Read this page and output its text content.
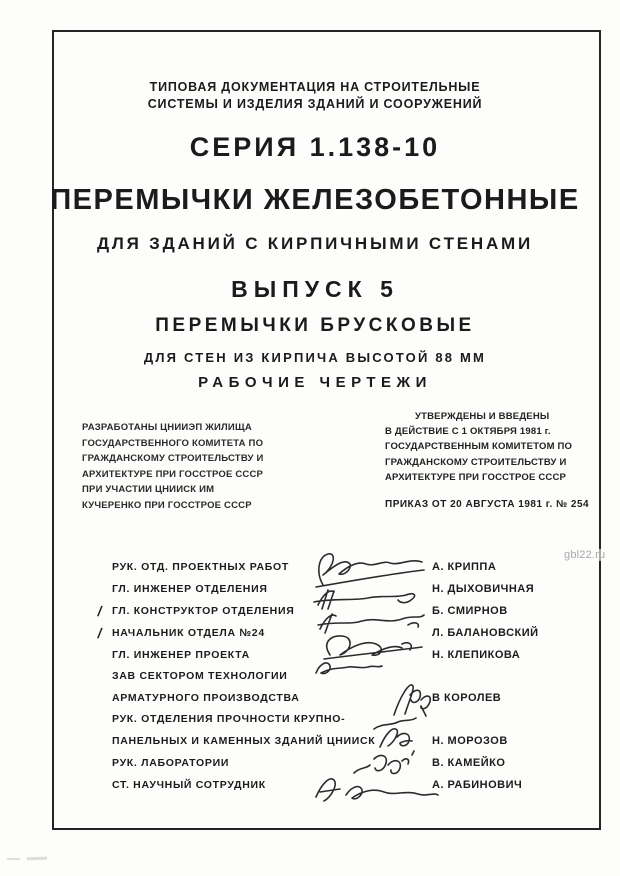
ТИПОВАЯ ДОКУМЕНТАЦИЯ НА СТРОИТЕЛЬНЫЕ
СИСТЕМЫ И ИЗДЕЛИЯ ЗДАНИЙ И СООРУЖЕНИЙ
СЕРИЯ 1.138-10
ПЕРЕМЫЧКИ ЖЕЛЕЗОБЕТОННЫЕ
ДЛЯ ЗДАНИЙ С КИРПИЧНЫМИ СТЕНАМИ
ВЫПУСК 5
ПЕРЕМЫЧКИ БРУСКОВЫЕ
ДЛЯ СТЕН ИЗ КИРПИЧА ВЫСОТОЙ 88 ММ
РАБОЧИЕ ЧЕРТЕЖИ
РАЗРАБОТАНЫ ЦНИИЭП ЖИЛИЩА
ГОСУДАРСТВЕННОГО КОМИТЕТА ПО
ГРАЖДАНСКОМУ СТРОИТЕЛЬСТВУ И
АРХИТЕКТУРЕ ПРИ ГОССТРОЕ СССР
ПРИ УЧАСТИИ ЦНИИСК ИМ
КУЧЕРЕНКО ПРИ ГОССТРОЕ СССР
УТВЕРЖДЕНЫ И ВВЕДЕНЫ
В ДЕЙСТВИЕ С 1 ОКТЯБРЯ 1981 г.
ГОСУДАРСТВЕННЫМ КОМИТЕТОМ ПО
ГРАЖДАНСКОМУ СТРОИТЕЛЬСТВУ И
АРХИТЕКТУРЕ ПРИ ГОССТРОЕ СССР
ПРИКАЗ ОТ 20 АВГУСТА 1981 г. № 254
РУК. ОТД. ПРОЕКТНЫХ РАБОТ	А. КРИППА
ГЛ. ИНЖЕНЕР ОТДЕЛЕНИЯ	Н. ДЫХОВИЧНАЯ
/ ГЛ. КОНСТРУКТОР ОТДЕЛЕНИЯ	Б. СМИРНОВ
/ НАЧАЛЬНИК ОТДЕЛА №24	Л. БАЛАНОВСКИЙ
ГЛ. ИНЖЕНЕР ПРОЕКТА	Н. КЛЕПИКОВА
ЗАВ СЕКТОРОМ ТЕХНОЛОГИИ
АРМАТУРНОГО ПРОИЗВОДСТВА	В КОРОЛЕВ
РУК. ОТДЕЛЕНИЯ ПРОЧНОСТИ КРУПНО-
ПАНЕЛЬНЫХ И КАМЕННЫХ ЗДАНИЙ ЦНИИСК	Н. МОРОЗОВ
РУК. ЛАБОРАТОРИИ	В. КАМЕЙКО
СТ. НАУЧНЫЙ СОТРУДНИК	А. РАБИНОВИЧ
gbl22.ru
